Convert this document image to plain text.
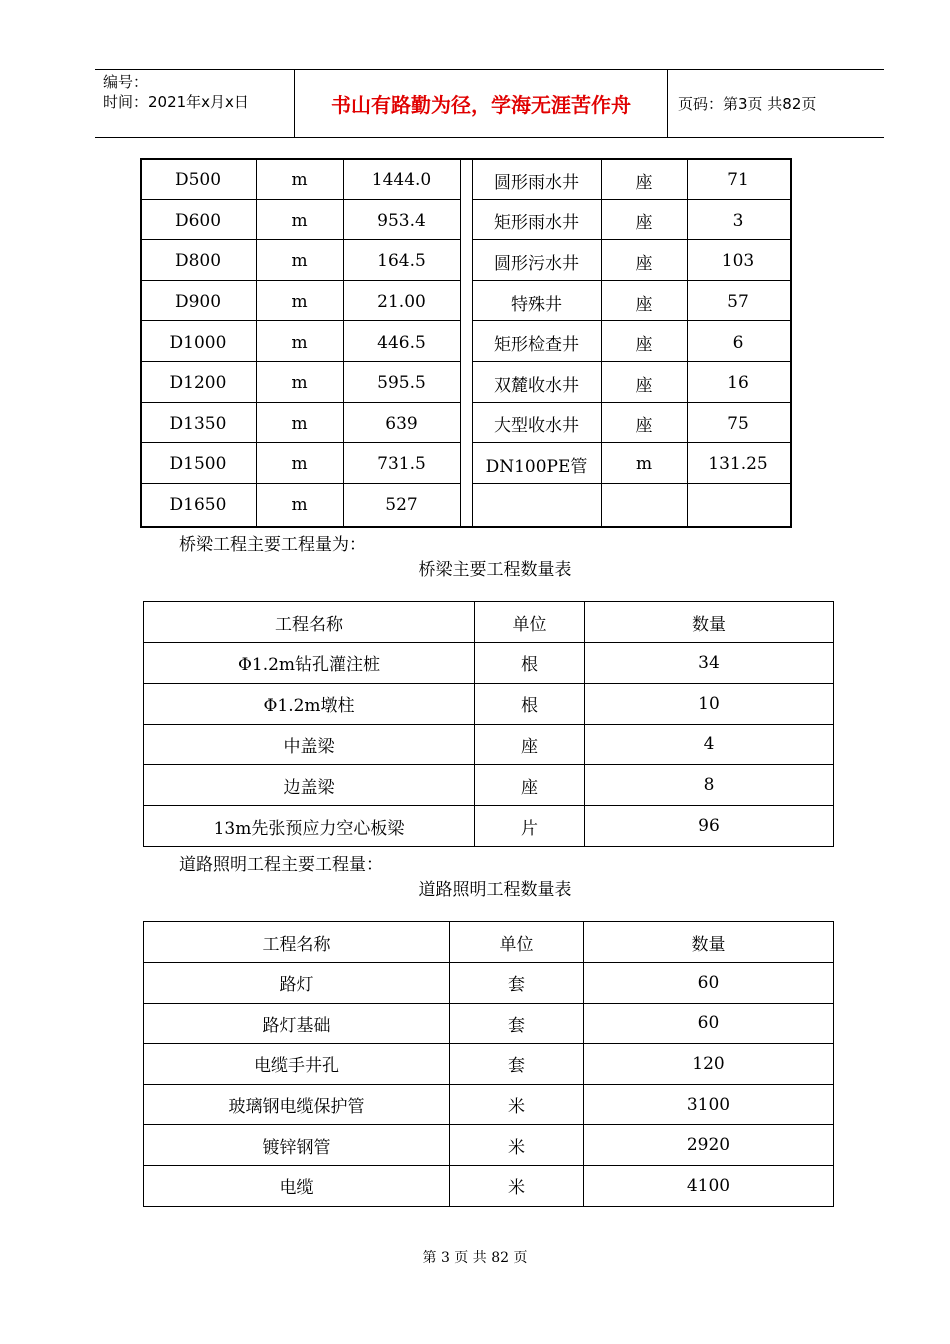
编号：
时间：2021年x月x日	书山有路勤为径，学海无涯苦作舟	页码：第3页 共82页
D500	m	1444.0	圆形雨水井	座	71
D600	m	953.4	矩形雨水井	座	3
D800	m	164.5	圆形污水井	座	103
D900	m	21.00	特殊井	座	57
D1000	m	446.5	矩形检查井	座	6
D1200	m	595.5	双麓收水井	座	16
D1350	m	639	大型收水井	座	75
D1500	m	731.5	DN100PE管	m	131.25
D1650	m	527
桥梁工程主要工程量为：
桥梁主要工程数量表
工程名称	单位	数量
Φ1.2m钻孔灌注桩	根	34
Φ1.2m墩柱	根	10
中盖梁	座	4
边盖梁	座	8
13m先张预应力空心板梁	片	96
道路照明工程主要工程量：
道路照明工程数量表
工程名称	单位	数量
路灯	套	60
路灯基础	套	60
电缆手井孔	套	120
玻璃钢电缆保护管	米	3100
镀锌钢管	米	2920
电缆	米	4100
第 3 页 共 82 页
